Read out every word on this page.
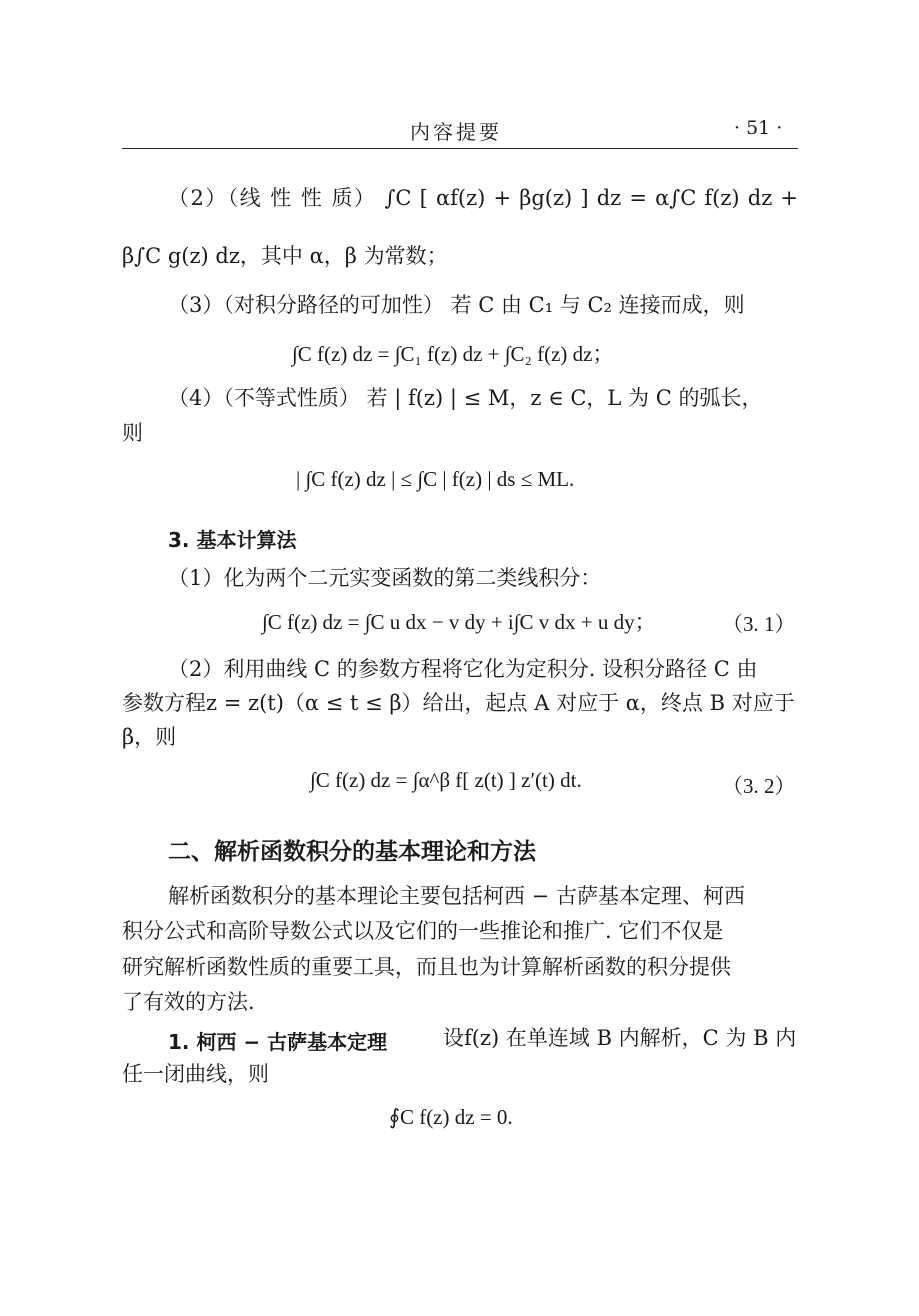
内容提要	· 51 ·
（2）（线 性 性 质） ∫C [ αf(z) + βg(z) ] dz = α∫C f(z) dz +
β∫C g(z) dz，其中 α，β 为常数；
（3）（对积分路径的可加性） 若 C 由 C₁ 与 C₂ 连接而成，则
∫C f(z) dz = ∫C₁ f(z) dz + ∫C₂ f(z) dz；
（4）（不等式性质） 若 | f(z) | ≤ M，z ∈ C，L 为 C 的弧长，
则
| ∫C f(z) dz | ≤ ∫C | f(z) | ds ≤ ML.
3. 基本计算法
（1）化为两个二元实变函数的第二类线积分：
∫C f(z) dz = ∫C u dx − v dy + i∫C v dx + u dy；	（3. 1）
（2）利用曲线 C 的参数方程将它化为定积分. 设积分路径 C 由
参数方程z = z(t)（α ≤ t ≤ β）给出，起点 A 对应于 α，终点 B 对应于
β，则
∫C f(z) dz = ∫α^β f[ z(t) ] z′(t) dt.	（3. 2）
二、解析函数积分的基本理论和方法
解析函数积分的基本理论主要包括柯西 − 古萨基本定理、柯西
积分公式和高阶导数公式以及它们的一些推论和推广. 它们不仅是
研究解析函数性质的重要工具，而且也为计算解析函数的积分提供
了有效的方法.
1. 柯西 − 古萨基本定理	设f(z) 在单连域 B 内解析，C 为 B 内
任一闭曲线，则
∮C f(z) dz = 0.
